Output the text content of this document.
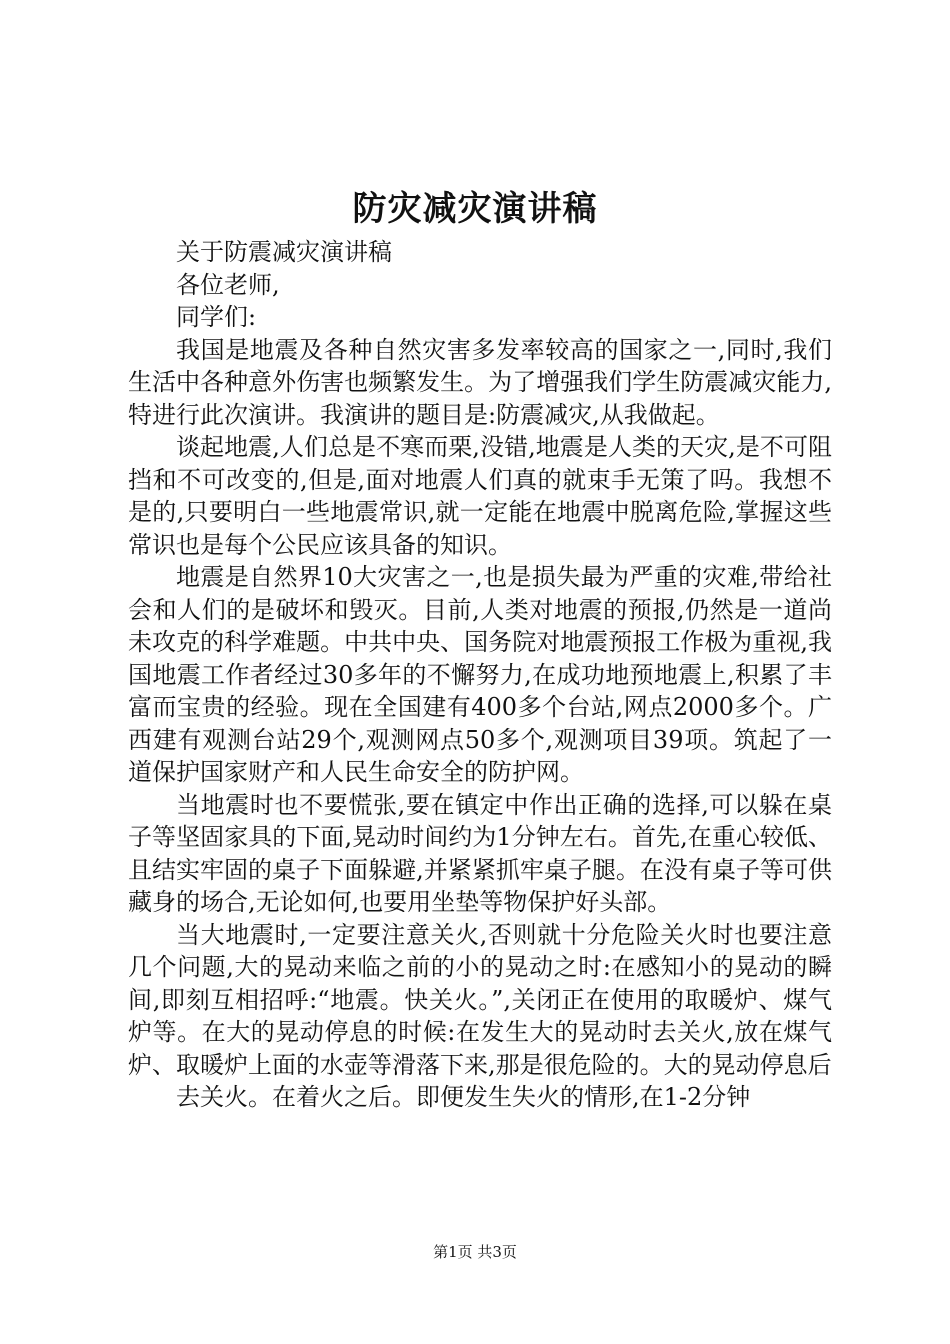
防灾减灾演讲稿

关于防震减灾演讲稿

各位老师,

同学们:

我国是地震及各种自然灾害多发率较高的国家之一,同时,我们生活中各种意外伤害也频繁发生。为了增强我们学生防震减灾能力,特进行此次演讲。我演讲的题目是:防震减灾,从我做起。

谈起地震,人们总是不寒而栗,没错,地震是人类的天灾,是不可阻挡和不可改变的,但是,面对地震人们真的就束手无策了吗。我想不是的,只要明白一些地震常识,就一定能在地震中脱离危险,掌握这些常识也是每个公民应该具备的知识。

地震是自然界10大灾害之一,也是损失最为严重的灾难,带给社会和人们的是破坏和毁灭。目前,人类对地震的预报,仍然是一道尚未攻克的科学难题。中共中央、国务院对地震预报工作极为重视,我国地震工作者经过30多年的不懈努力,在成功地预地震上,积累了丰富而宝贵的经验。现在全国建有400多个台站,网点2000多个。广西建有观测台站29个,观测网点50多个,观测项目39项。筑起了一道保护国家财产和人民生命安全的防护网。

当地震时也不要慌张,要在镇定中作出正确的选择,可以躲在桌子等坚固家具的下面,晃动时间约为1分钟左右。首先,在重心较低、且结实牢固的桌子下面躲避,并紧紧抓牢桌子腿。在没有桌子等可供藏身的场合,无论如何,也要用坐垫等物保护好头部。

当大地震时,一定要注意关火,否则就十分危险关火时也要注意几个问题,大的晃动来临之前的小的晃动之时:在感知小的晃动的瞬间,即刻互相招呼:“地震。快关火。”,关闭正在使用的取暖炉、煤气炉等。在大的晃动停息的时候:在发生大的晃动时去关火,放在煤气炉、取暖炉上面的水壶等滑落下来,那是很危险的。大的晃动停息后

去关火。在着火之后。即便发生失火的情形,在1-2分钟

第1页 共3页
